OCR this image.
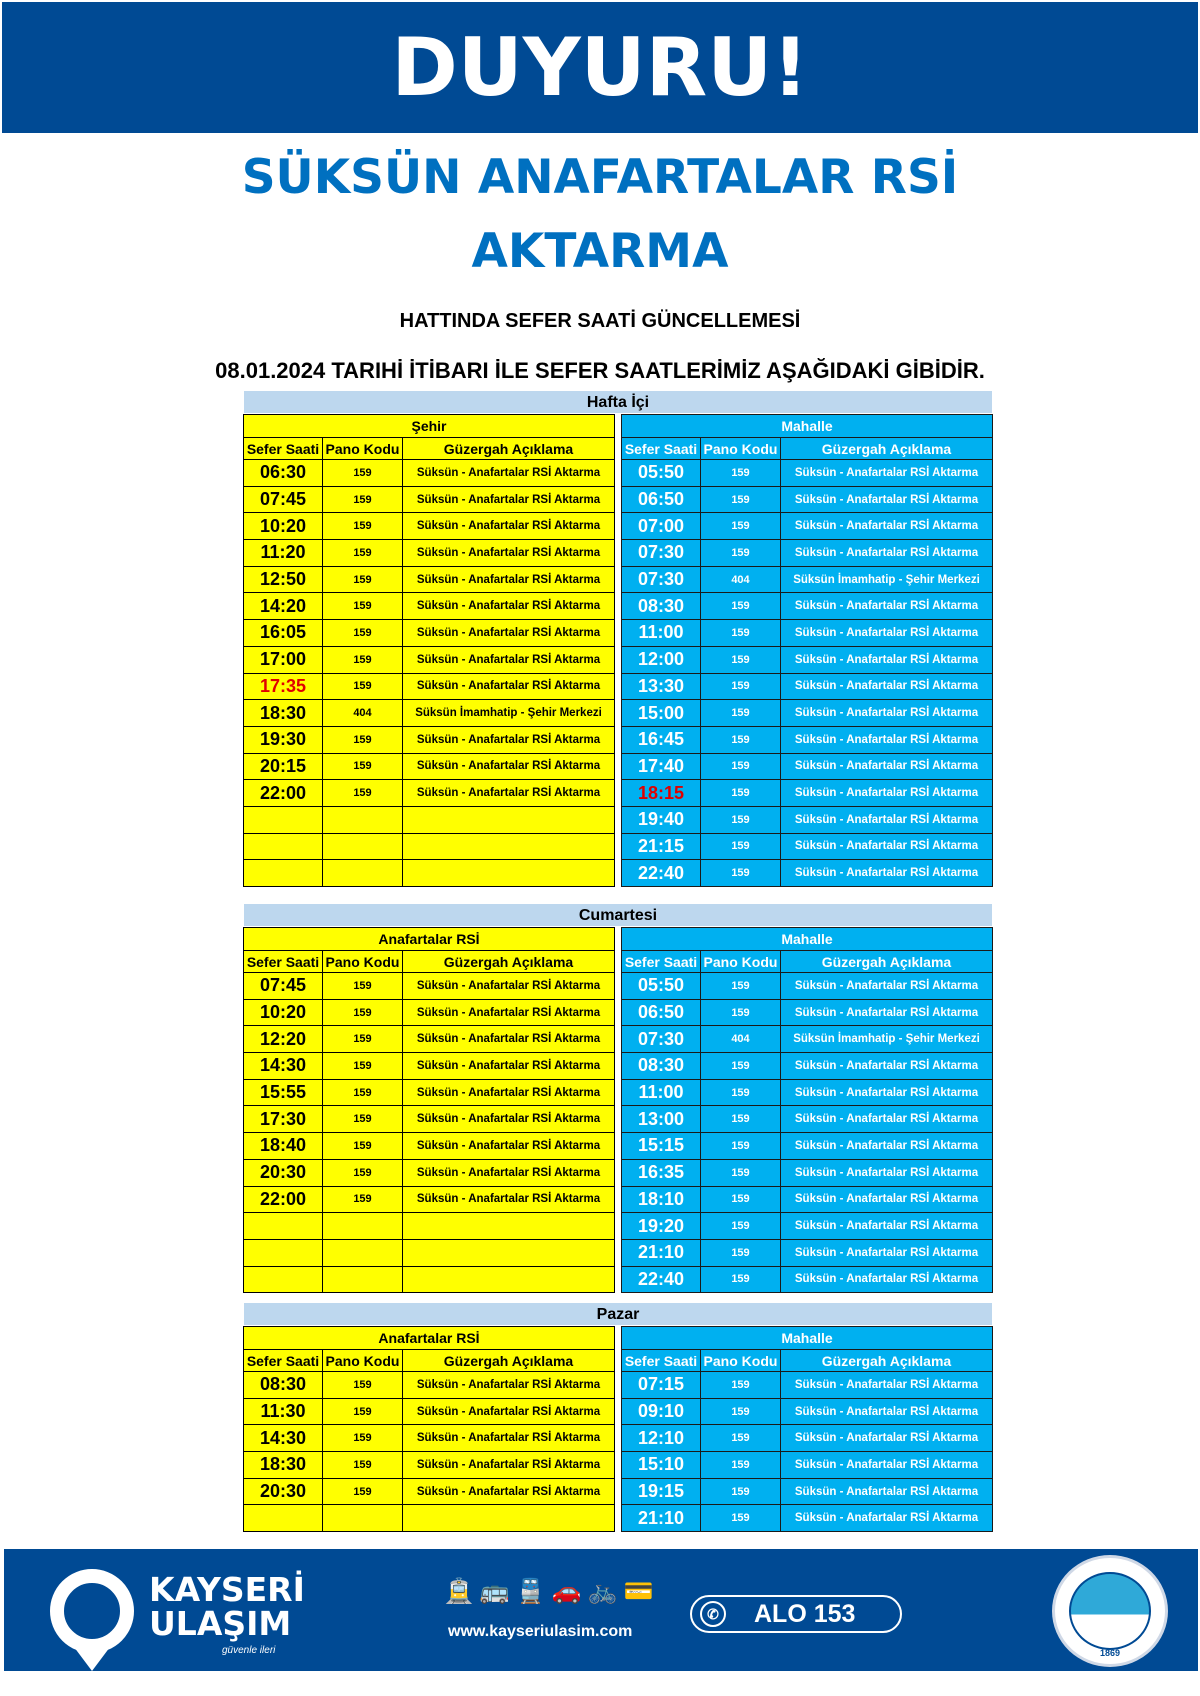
DUYURU!
SÜKSÜN ANAFARTALAR RSİ
AKTARMA
HATTINDA SEFER SAATİ GÜNCELLEMESİ
08.01.2024 TARIHİ İTİBARI İLE SEFER SAATLERİMİZ AŞAĞIDAKİ GİBİDİR.
Hafta İçi
Şehir		
Sefer Saati	Pano Kodu	Güzergah Açıklama
06:30	159	Süksün - Anafartalar RSİ Aktarma
07:45	159	Süksün - Anafartalar RSİ Aktarma
10:20	159	Süksün - Anafartalar RSİ Aktarma
11:20	159	Süksün - Anafartalar RSİ Aktarma
12:50	159	Süksün - Anafartalar RSİ Aktarma
14:20	159	Süksün - Anafartalar RSİ Aktarma
16:05	159	Süksün - Anafartalar RSİ Aktarma
17:00	159	Süksün - Anafartalar RSİ Aktarma
17:35	159	Süksün - Anafartalar RSİ Aktarma
18:30	404	Süksün İmamhatip - Şehir Merkezi
19:30	159	Süksün - Anafartalar RSİ Aktarma
20:15	159	Süksün - Anafartalar RSİ Aktarma
22:00	159	Süksün - Anafartalar RSİ Aktarma

Mahalle		
Sefer Saati	Pano Kodu	Güzergah Açıklama
05:50	159	Süksün - Anafartalar RSİ Aktarma
06:50	159	Süksün - Anafartalar RSİ Aktarma
07:00	159	Süksün - Anafartalar RSİ Aktarma
07:30	159	Süksün - Anafartalar RSİ Aktarma
07:30	404	Süksün İmamhatip - Şehir Merkezi
08:30	159	Süksün - Anafartalar RSİ Aktarma
11:00	159	Süksün - Anafartalar RSİ Aktarma
12:00	159	Süksün - Anafartalar RSİ Aktarma
13:30	159	Süksün - Anafartalar RSİ Aktarma
15:00	159	Süksün - Anafartalar RSİ Aktarma
16:45	159	Süksün - Anafartalar RSİ Aktarma
17:40	159	Süksün - Anafartalar RSİ Aktarma
18:15	159	Süksün - Anafartalar RSİ Aktarma
19:40	159	Süksün - Anafartalar RSİ Aktarma
21:15	159	Süksün - Anafartalar RSİ Aktarma
22:40	159	Süksün - Anafartalar RSİ Aktarma
Cumartesi
Anafartalar RSİ		
Sefer Saati	Pano Kodu	Güzergah Açıklama
07:45	159	Süksün - Anafartalar RSİ Aktarma
10:20	159	Süksün - Anafartalar RSİ Aktarma
12:20	159	Süksün - Anafartalar RSİ Aktarma
14:30	159	Süksün - Anafartalar RSİ Aktarma
15:55	159	Süksün - Anafartalar RSİ Aktarma
17:30	159	Süksün - Anafartalar RSİ Aktarma
18:40	159	Süksün - Anafartalar RSİ Aktarma
20:30	159	Süksün - Anafartalar RSİ Aktarma
22:00	159	Süksün - Anafartalar RSİ Aktarma

Mahalle		
Sefer Saati	Pano Kodu	Güzergah Açıklama
05:50	159	Süksün - Anafartalar RSİ Aktarma
06:50	159	Süksün - Anafartalar RSİ Aktarma
07:30	404	Süksün İmamhatip - Şehir Merkezi
08:30	159	Süksün - Anafartalar RSİ Aktarma
11:00	159	Süksün - Anafartalar RSİ Aktarma
13:00	159	Süksün - Anafartalar RSİ Aktarma
15:15	159	Süksün - Anafartalar RSİ Aktarma
16:35	159	Süksün - Anafartalar RSİ Aktarma
18:10	159	Süksün - Anafartalar RSİ Aktarma
19:20	159	Süksün - Anafartalar RSİ Aktarma
21:10	159	Süksün - Anafartalar RSİ Aktarma
22:40	159	Süksün - Anafartalar RSİ Aktarma
Pazar
Anafartalar RSİ		
Sefer Saati	Pano Kodu	Güzergah Açıklama
08:30	159	Süksün - Anafartalar RSİ Aktarma
11:30	159	Süksün - Anafartalar RSİ Aktarma
14:30	159	Süksün - Anafartalar RSİ Aktarma
18:30	159	Süksün - Anafartalar RSİ Aktarma
20:30	159	Süksün - Anafartalar RSİ Aktarma

Mahalle		
Sefer Saati	Pano Kodu	Güzergah Açıklama
07:15	159	Süksün - Anafartalar RSİ Aktarma
09:10	159	Süksün - Anafartalar RSİ Aktarma
12:10	159	Süksün - Anafartalar RSİ Aktarma
15:10	159	Süksün - Anafartalar RSİ Aktarma
19:15	159	Süksün - Anafartalar RSİ Aktarma
21:10	159	Süksün - Anafartalar RSİ Aktarma
KAYSERİ
ULAŞIM
güvenle ileri
🚊🚌🚆🚗🚲💳
www.kayseriulasim.com
✆ ALO 153
1869
